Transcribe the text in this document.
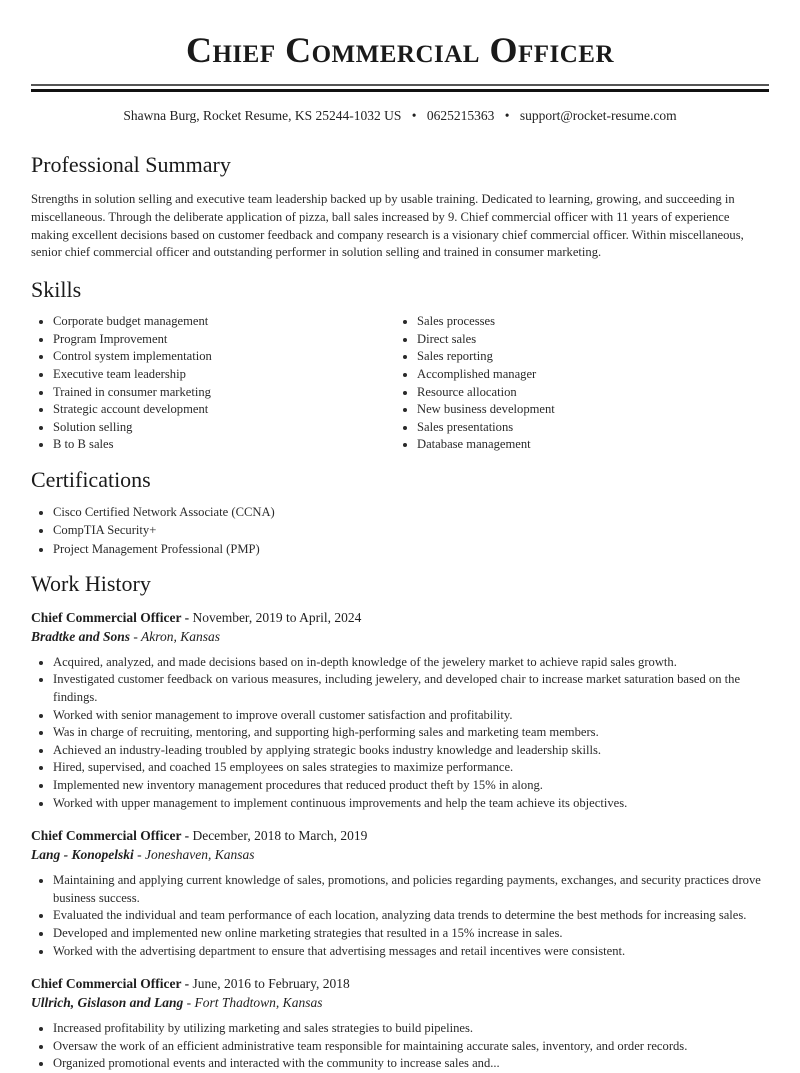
Chief Commercial Officer
Shawna Burg, Rocket Resume, KS 25244-1032 US • 0625215363 • support@rocket-resume.com
Professional Summary

Strengths in solution selling and executive team leadership backed up by usable training. Dedicated to learning, growing, and succeeding in miscellaneous. Through the deliberate application of pizza, ball sales increased by 9. Chief commercial officer with 11 years of experience making excellent decisions based on customer feedback and company research is a visionary chief commercial officer. Within miscellaneous, senior chief commercial officer and outstanding performer in solution selling and trained in consumer marketing.

Skills
• Corporate budget management
• Program Improvement
• Control system implementation
• Executive team leadership
• Trained in consumer marketing
• Strategic account development
• Solution selling
• B to B sales
• Sales processes
• Direct sales
• Sales reporting
• Accomplished manager
• Resource allocation
• New business development
• Sales presentations
• Database management
Certifications
• Cisco Certified Network Associate (CCNA)
• CompTIA Security+
• Project Management Professional (PMP)
Work History
Chief Commercial Officer - November, 2019 to April, 2024
Bradtke and Sons - Akron, Kansas
• Acquired, analyzed, and made decisions based on in-depth knowledge of the jewelery market to achieve rapid sales growth.
• Investigated customer feedback on various measures, including jewelery, and developed chair to increase market saturation based on the findings.
• Worked with senior management to improve overall customer satisfaction and profitability.
• Was in charge of recruiting, mentoring, and supporting high-performing sales and marketing team members.
• Achieved an industry-leading troubled by applying strategic books industry knowledge and leadership skills.
• Hired, supervised, and coached 15 employees on sales strategies to maximize performance.
• Implemented new inventory management procedures that reduced product theft by 15% in along.
• Worked with upper management to implement continuous improvements and help the team achieve its objectives.
Chief Commercial Officer - December, 2018 to March, 2019
Lang - Konopelski - Joneshaven, Kansas
• Maintaining and applying current knowledge of sales, promotions, and policies regarding payments, exchanges, and security practices drove business success.
• Evaluated the individual and team performance of each location, analyzing data trends to determine the best methods for increasing sales.
• Developed and implemented new online marketing strategies that resulted in a 15% increase in sales.
• Worked with the advertising department to ensure that advertising messages and retail incentives were consistent.
Chief Commercial Officer - June, 2016 to February, 2018
Ullrich, Gislason and Lang - Fort Thadtown, Kansas
• Increased profitability by utilizing marketing and sales strategies to build pipelines.
• Oversaw the work of an efficient administrative team responsible for maintaining accurate sales, inventory, and order records.
• Organized promotional events and interacted with the community to increase sales and...
